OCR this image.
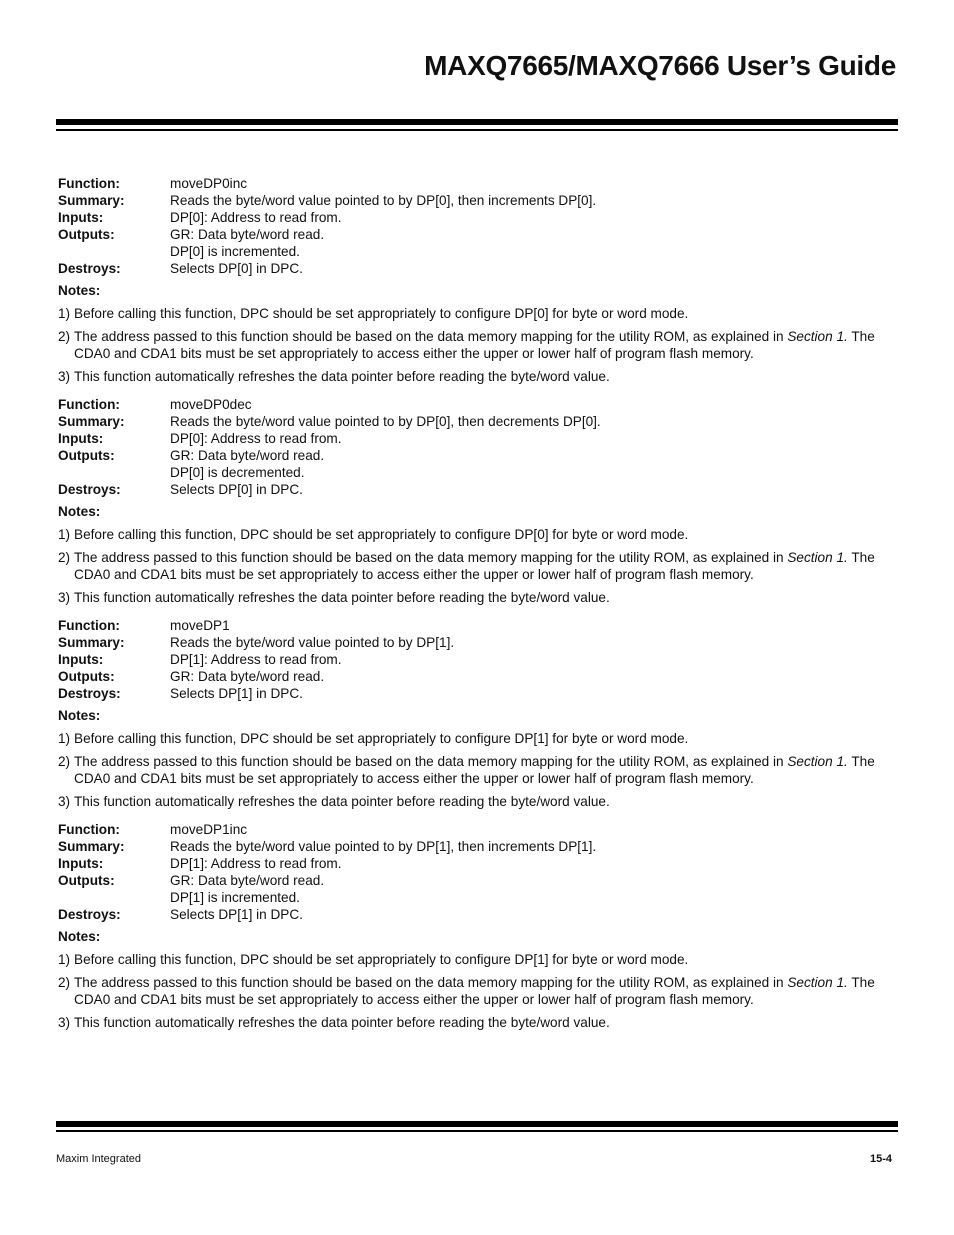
MAXQ7665/MAXQ7666 User’s Guide
Function:	moveDP0inc
Summary:	Reads the byte/word value pointed to by DP[0], then increments DP[0].
Inputs:	DP[0]: Address to read from.
Outputs:	GR: Data byte/word read.
DP[0] is incremented.
Destroys:	Selects DP[0] in DPC.
Notes:
1) Before calling this function, DPC should be set appropriately to configure DP[0] for byte or word mode.
2) The address passed to this function should be based on the data memory mapping for the utility ROM, as explained in Section 1. The CDA0 and CDA1 bits must be set appropriately to access either the upper or lower half of program flash memory.
3) This function automatically refreshes the data pointer before reading the byte/word value.
Function:	moveDP0dec
Summary:	Reads the byte/word value pointed to by DP[0], then decrements DP[0].
Inputs:	DP[0]: Address to read from.
Outputs:	GR: Data byte/word read.
DP[0] is decremented.
Destroys:	Selects DP[0] in DPC.
Notes:
1) Before calling this function, DPC should be set appropriately to configure DP[0] for byte or word mode.
2) The address passed to this function should be based on the data memory mapping for the utility ROM, as explained in Section 1. The CDA0 and CDA1 bits must be set appropriately to access either the upper or lower half of program flash memory.
3) This function automatically refreshes the data pointer before reading the byte/word value.
Function:	moveDP1
Summary:	Reads the byte/word value pointed to by DP[1].
Inputs:	DP[1]: Address to read from.
Outputs:	GR: Data byte/word read.
Destroys:	Selects DP[1] in DPC.
Notes:
1) Before calling this function, DPC should be set appropriately to configure DP[1] for byte or word mode.
2) The address passed to this function should be based on the data memory mapping for the utility ROM, as explained in Section 1. The CDA0 and CDA1 bits must be set appropriately to access either the upper or lower half of program flash memory.
3) This function automatically refreshes the data pointer before reading the byte/word value.
Function:	moveDP1inc
Summary:	Reads the byte/word value pointed to by DP[1], then increments DP[1].
Inputs:	DP[1]: Address to read from.
Outputs:	GR: Data byte/word read.
DP[1] is incremented.
Destroys:	Selects DP[1] in DPC.
Notes:
1) Before calling this function, DPC should be set appropriately to configure DP[1] for byte or word mode.
2) The address passed to this function should be based on the data memory mapping for the utility ROM, as explained in Section 1. The CDA0 and CDA1 bits must be set appropriately to access either the upper or lower half of program flash memory.
3) This function automatically refreshes the data pointer before reading the byte/word value.
Maxim Integrated	15-4
